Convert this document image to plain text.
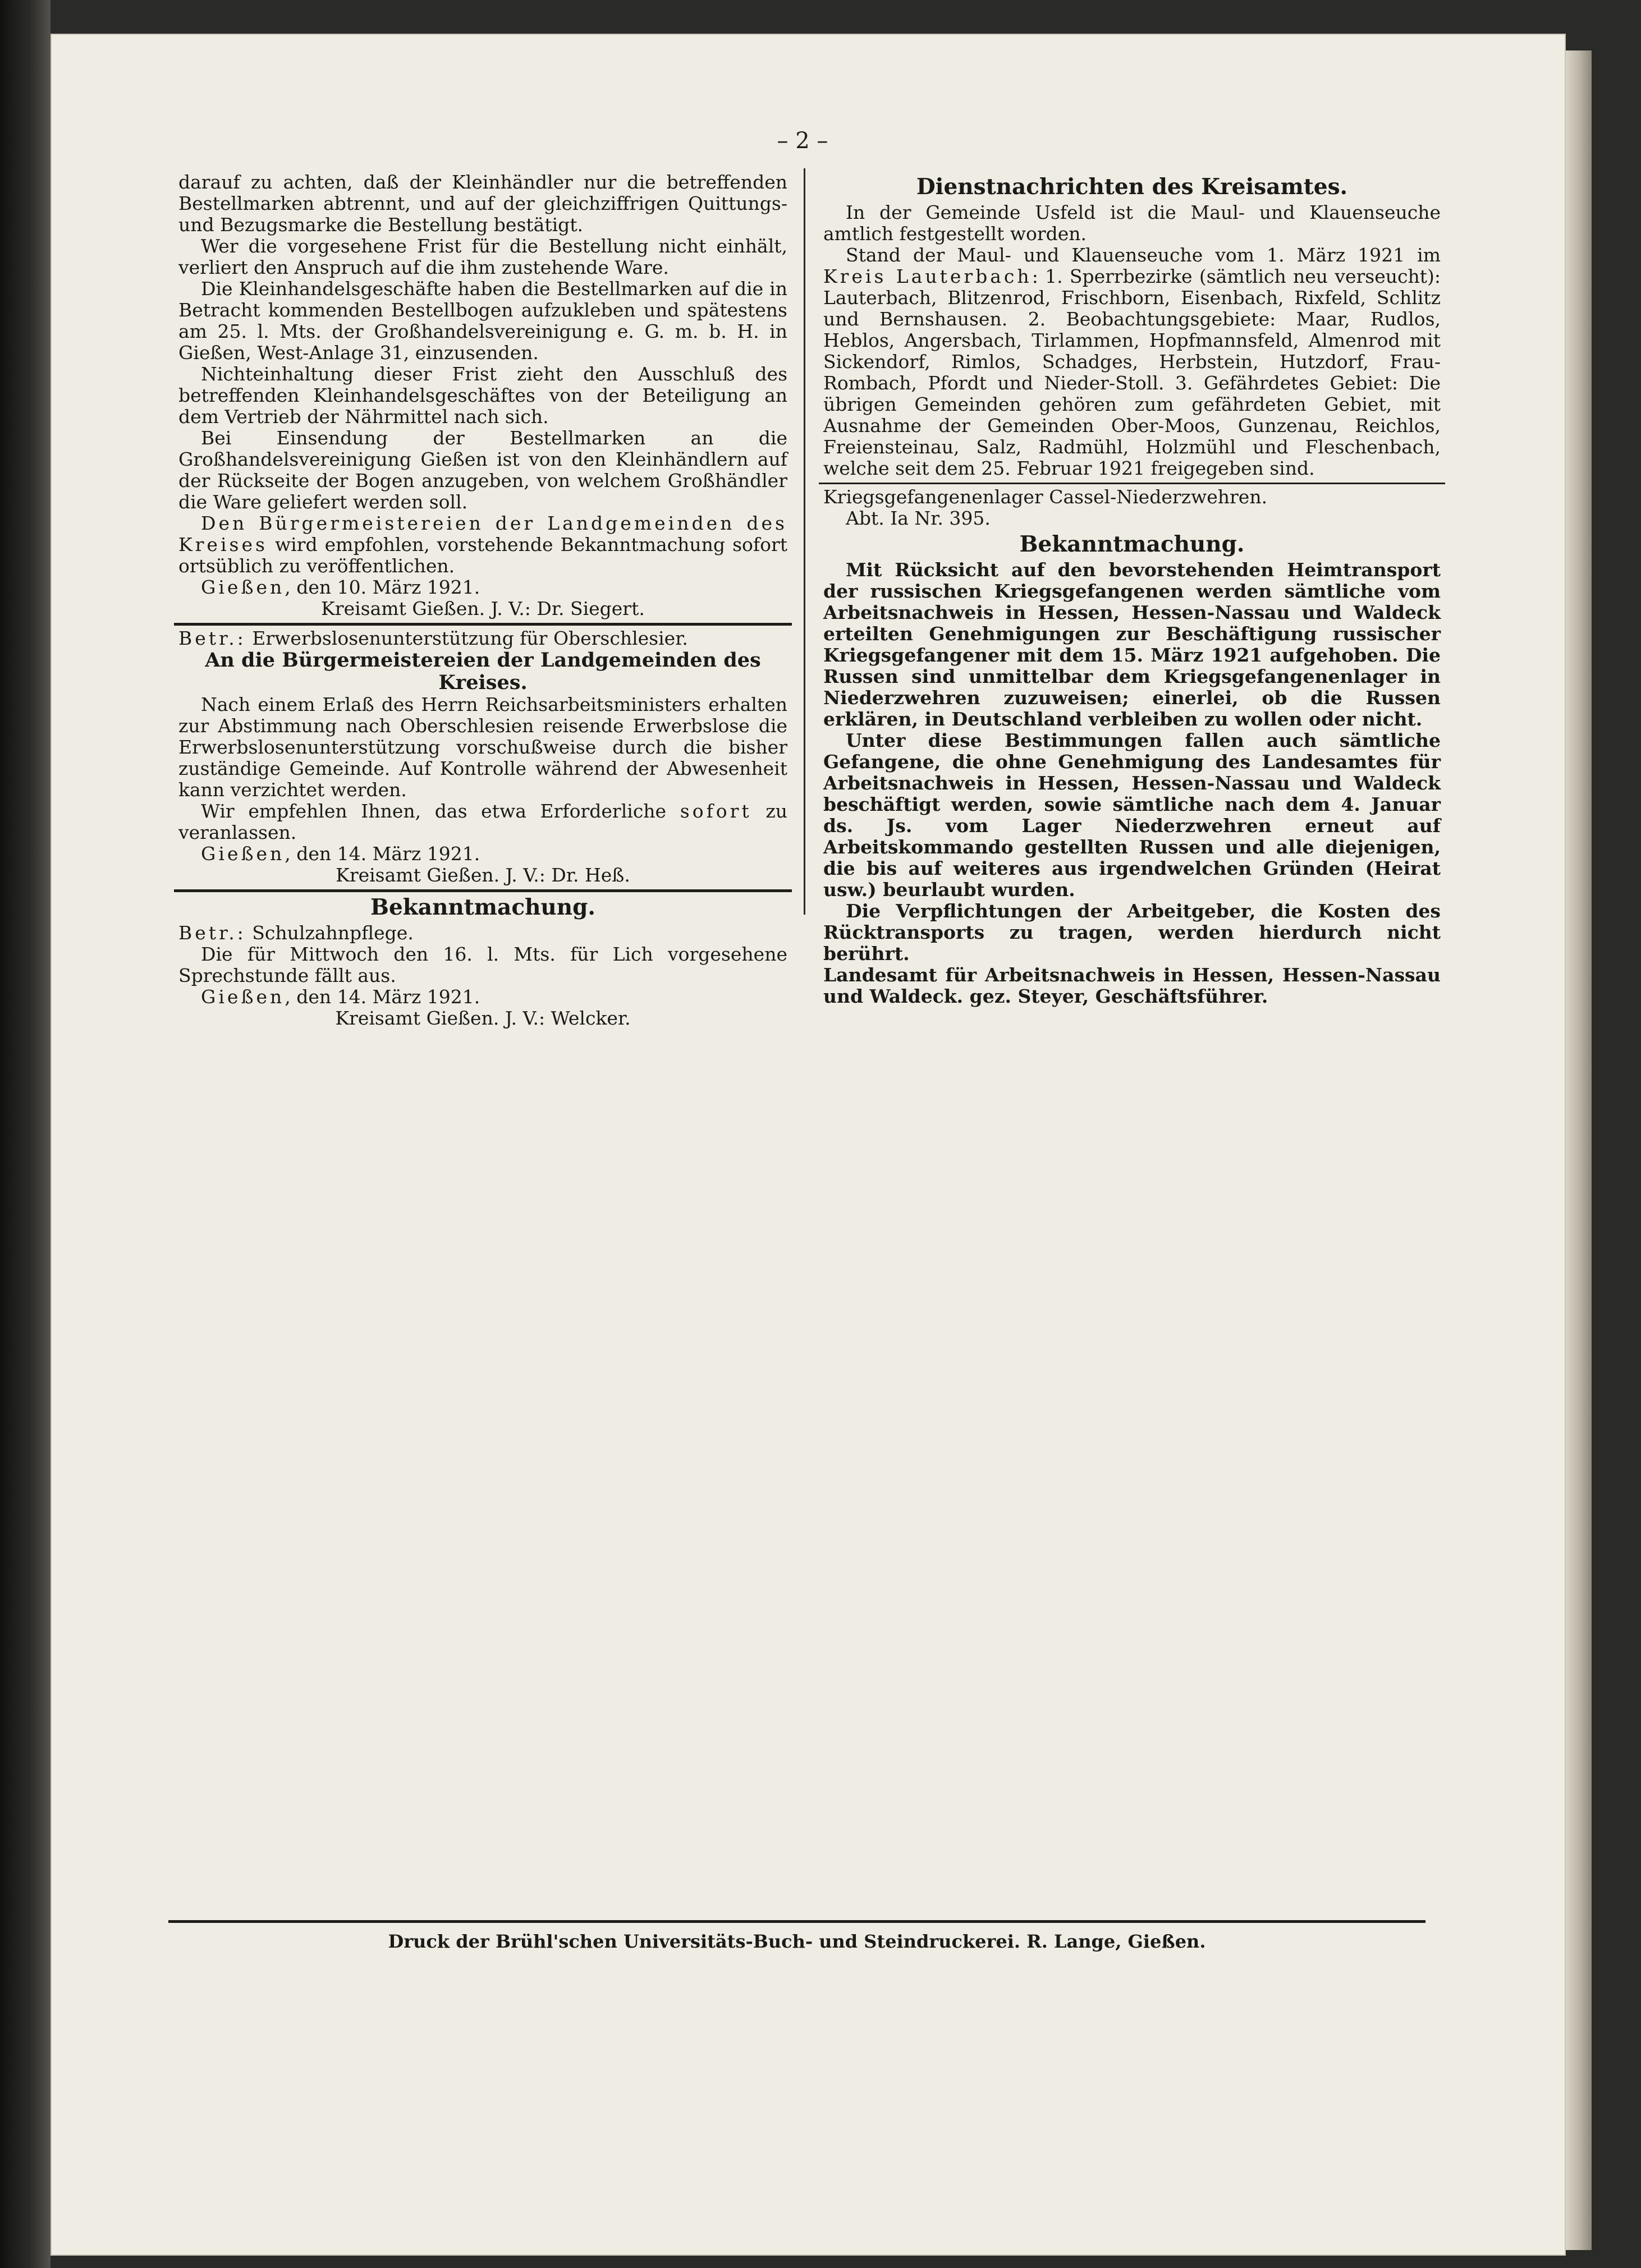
– 2 –

darauf zu achten, daß der Kleinhändler nur die betreffenden Bestellmarken abtrennt, und auf der gleichziffrigen Quittungs- und Bezugsmarke die Bestellung bestätigt.

Wer die vorgesehene Frist für die Bestellung nicht einhält, verliert den Anspruch auf die ihm zustehende Ware.

Die Kleinhandelsgeschäfte haben die Bestellmarken auf die in Betracht kommenden Bestellbogen aufzukleben und spätestens am 25. l. Mts. der Großhandelsvereinigung e. G. m. b. H. in Gießen, West-Anlage 31, einzusenden.

Nichteinhaltung dieser Frist zieht den Ausschluß des betreffenden Kleinhandelsgeschäftes von der Beteiligung an dem Vertrieb der Nährmittel nach sich.

Bei Einsendung der Bestellmarken an die Großhandelsvereinigung Gießen ist von den Kleinhändlern auf der Rückseite der Bogen anzugeben, von welchem Großhändler die Ware geliefert werden soll.

Den Bürgermeistereien der Landgemeinden des Kreises wird empfohlen, vorstehende Bekanntmachung sofort ortsüblich zu veröffentlichen.

Gießen, den 10. März 1921.

Kreisamt Gießen. J. V.: Dr. Siegert.

Betr.: Erwerbslosenunterstützung für Oberschlesier.

An die Bürgermeistereien der Landgemeinden des Kreises.

Nach einem Erlaß des Herrn Reichsarbeitsministers erhalten zur Abstimmung nach Oberschlesien reisende Erwerbslose die Erwerbslosenunterstützung vorschußweise durch die bisher zuständige Gemeinde. Auf Kontrolle während der Abwesenheit kann verzichtet werden.

Wir empfehlen Ihnen, das etwa Erforderliche sofort zu veranlassen.

Gießen, den 14. März 1921.

Kreisamt Gießen. J. V.: Dr. Heß.

Bekanntmachung.

Betr.: Schulzahnpflege.

Die für Mittwoch den 16. l. Mts. für Lich vorgesehene Sprechstunde fällt aus.

Gießen, den 14. März 1921.

Kreisamt Gießen. J. V.: Welcker.

Dienstnachrichten des Kreisamtes.

In der Gemeinde Usfeld ist die Maul- und Klauenseuche amtlich festgestellt worden.

Stand der Maul- und Klauenseuche vom 1. März 1921 im Kreis Lauterbach: 1. Sperrbezirke (sämtlich neu verseucht): Lauterbach, Blitzenrod, Frischborn, Eisenbach, Rixfeld, Schlitz und Bernshausen. 2. Beobachtungsgebiete: Maar, Rudlos, Heblos, Angersbach, Tirlammen, Hopfmannsfeld, Almenrod mit Sickendorf, Rimlos, Schadges, Herbstein, Hutzdorf, Frau-Rombach, Pfordt und Nieder-Stoll. 3. Gefährdetes Gebiet: Die übrigen Gemeinden gehören zum gefährdeten Gebiet, mit Ausnahme der Gemeinden Ober-Moos, Gunzenau, Reichlos, Freiensteinau, Salz, Radmühl, Holzmühl und Fleschenbach, welche seit dem 25. Februar 1921 freigegeben sind.

Kriegsgefangenenlager Cassel-Niederzwehren.

Abt. Ia Nr. 395.

Bekanntmachung.

Mit Rücksicht auf den bevorstehenden Heimtransport der russischen Kriegsgefangenen werden sämtliche vom Arbeitsnachweis in Hessen, Hessen-Nassau und Waldeck erteilten Genehmigungen zur Beschäftigung russischer Kriegsgefangener mit dem 15. März 1921 aufgehoben. Die Russen sind unmittelbar dem Kriegsgefangenenlager in Niederzwehren zuzuweisen; einerlei, ob die Russen erklären, in Deutschland verbleiben zu wollen oder nicht.

Unter diese Bestimmungen fallen auch sämtliche Gefangene, die ohne Genehmigung des Landesamtes für Arbeitsnachweis in Hessen, Hessen-Nassau und Waldeck beschäftigt werden, sowie sämtliche nach dem 4. Januar ds. Js. vom Lager Niederzwehren erneut auf Arbeitskommando gestellten Russen und alle diejenigen, die bis auf weiteres aus irgendwelchen Gründen (Heirat usw.) beurlaubt wurden.

Die Verpflichtungen der Arbeitgeber, die Kosten des Rücktransports zu tragen, werden hierdurch nicht berührt.

Landesamt für Arbeitsnachweis in Hessen, Hessen-Nassau und Waldeck. gez. Steyer, Geschäftsführer.

Druck der Brühl'schen Universitäts-Buch- und Steindruckerei. R. Lange, Gießen.
